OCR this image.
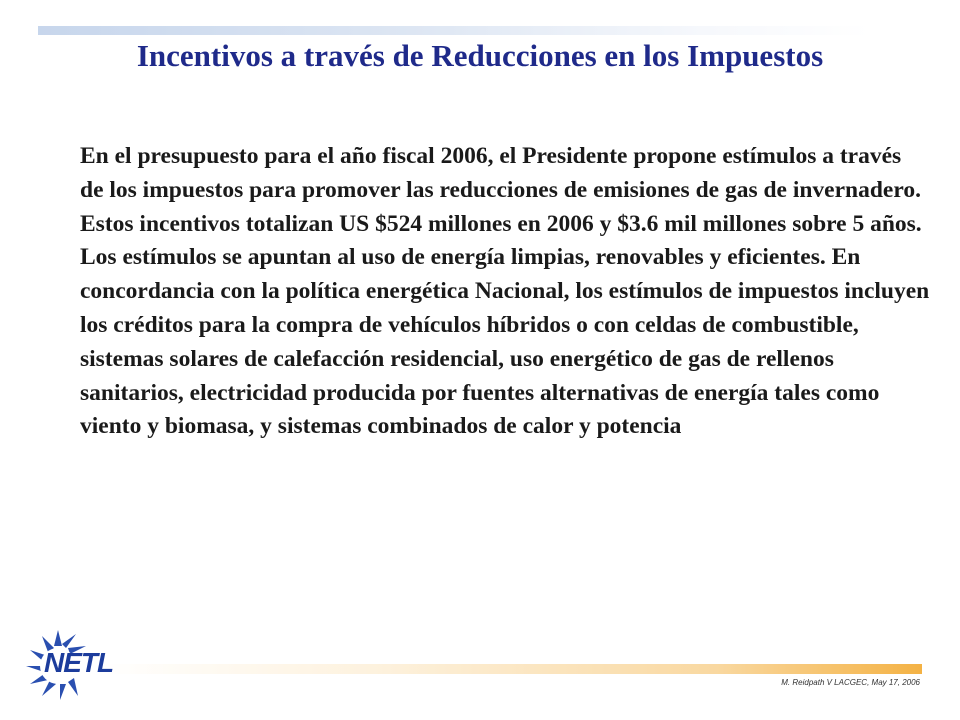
Incentivos a través de Reducciones en los Impuestos

En el presupuesto para el año fiscal 2006, el Presidente propone estímulos a través de los impuestos para promover las reducciones de emisiones de gas de invernadero. Estos incentivos totalizan US $524 millones en 2006 y $3.6 mil millones sobre 5 años. Los estímulos se apuntan al uso de energía limpias, renovables y eficientes. En concordancia con la política energética Nacional, los estímulos de impuestos incluyen los créditos para la compra de vehículos híbridos o con celdas de combustible, sistemas solares de calefacción residencial, uso energético de gas de rellenos sanitarios, electricidad producida por fuentes alternativas de energía tales como viento y biomasa, y sistemas combinados de calor y potencia

NETL
M. Reidpath V LACGEC, May 17, 2006
